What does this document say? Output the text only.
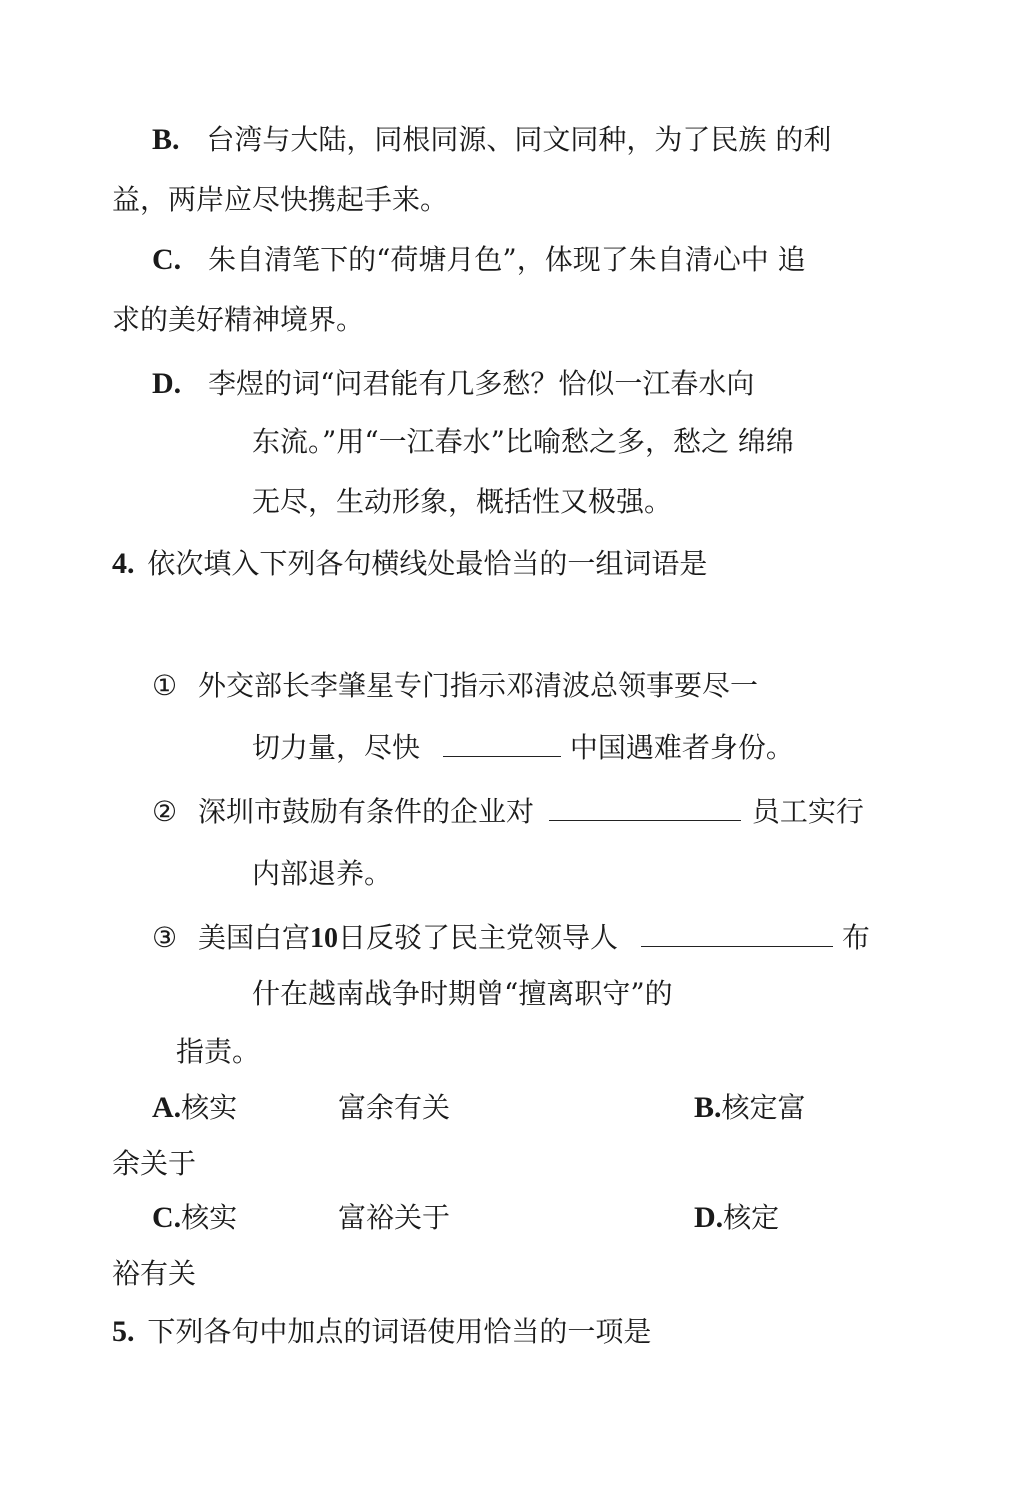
B. 台湾与大陆，同根同源、同文同种，为了民族 的利
益，两岸应尽快携起手来。
C. 朱自清笔下的“荷塘月色”，体现了朱自清心中 追
求的美好精神境界。
D. 李煜的词“问君能有几多愁？恰似一江春水向
东流。”用“一江春水”比喻愁之多，愁之 绵绵
无尽，生动形象，概括性又极强。
4. 依次填入下列各句横线处最恰当的一组词语是
① 外交部长李肇星专门指示邓清波总领事要尽一
切力量，尽快	中国遇难者身份。
② 深圳市鼓励有条件的企业对	员工实行
内部退养。
③ 美国白宫10日反驳了民主党领导人	布
什在越南战争时期曾“擅离职守”的
指责。
A.核实	富余有关	B.核定富
余关于
C.核实	富裕关于	D.核定
裕有关
5. 下列各句中加点的词语使用恰当的一项是
